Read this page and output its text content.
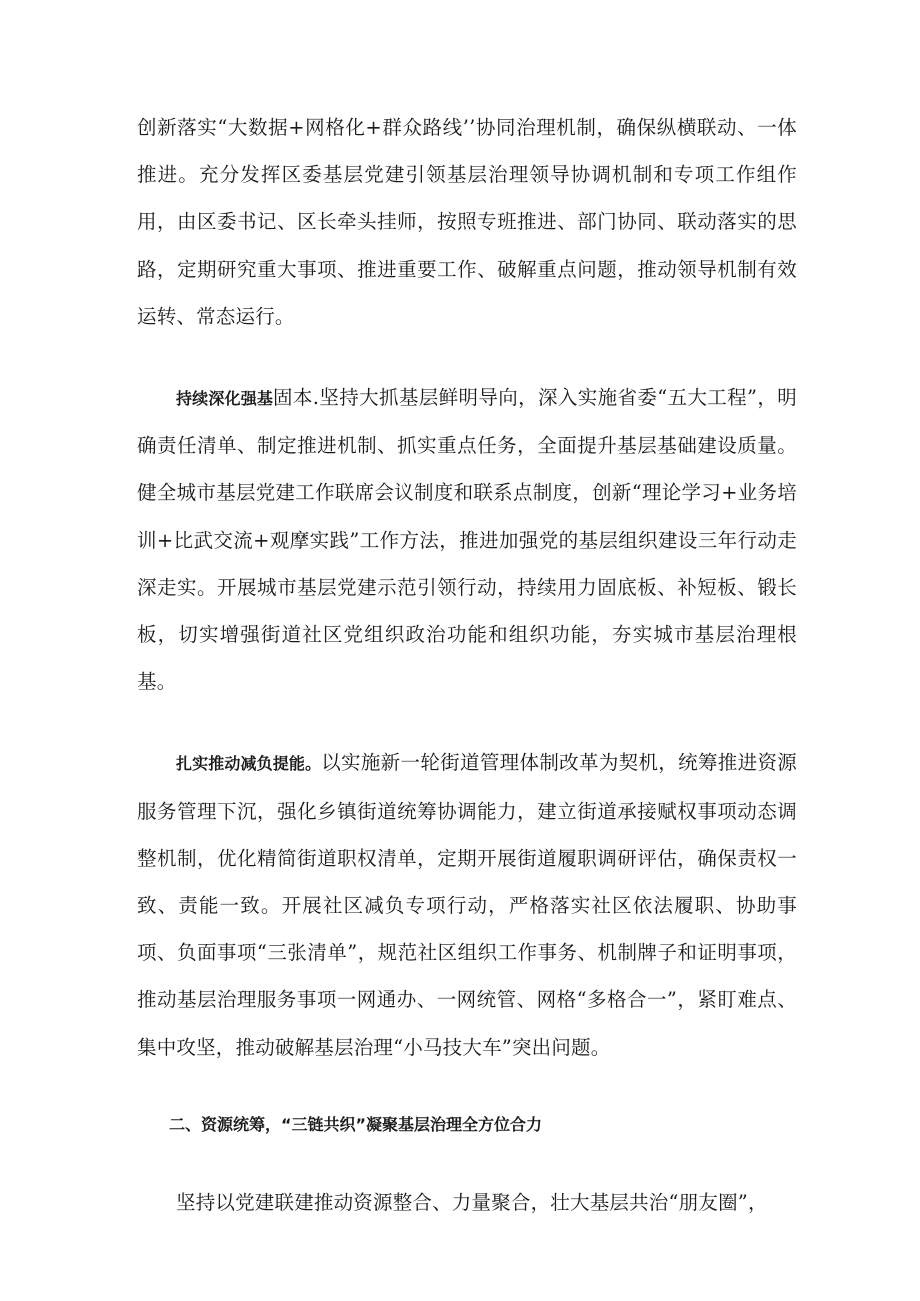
创新落实“大数据+网格化+群众路线’’协同治理机制，确保纵横联动、一体推进。充分发挥区委基层党建引领基层治理领导协调机制和专项工作组作用，由区委书记、区长牵头挂师，按照专班推进、部门协同、联动落实的思路，定期研究重大事项、推进重要工作、破解重点问题，推动领导机制有效运转、常态运行。

持续深化强基固本.坚持大抓基层鲜明导向，深入实施省委“五大工程”，明确责任清单、制定推进机制、抓实重点任务，全面提升基层基础建设质量。健全城市基层党建工作联席会议制度和联系点制度，创新“理论学习+业务培训+比武交流+观摩实践”工作方法，推进加强党的基层组织建设三年行动走深走实。开展城市基层党建示范引领行动，持续用力固底板、补短板、锻长板，切实增强街道社区党组织政治功能和组织功能，夯实城市基层治理根基。

扎实推动减负提能。以实施新一轮街道管理体制改革为契机，统筹推进资源服务管理下沉，强化乡镇街道统筹协调能力，建立街道承接赋权事项动态调整机制，优化精简街道职权清单，定期开展街道履职调研评估，确保责权一致、责能一致。开展社区减负专项行动，严格落实社区依法履职、协助事项、负面事项“三张清单”，规范社区组织工作事务、机制牌子和证明事项，推动基层治理服务事项一网通办、一网统管、网格“多格合一”，紧盯难点、集中攻坚，推动破解基层治理“小马技大车”突出问题。

二、资源统筹，“三链共织”凝聚基层治理全方位合力

坚持以党建联建推动资源整合、力量聚合，壮大基层共治“朋友圈”，
